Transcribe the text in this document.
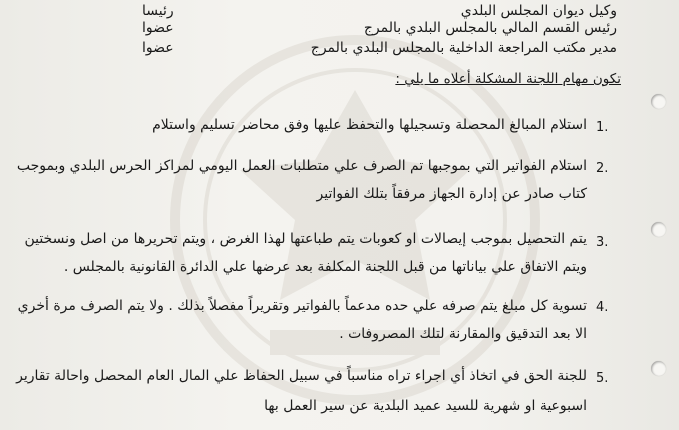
وكيل ديوان المجلس البلدي
رئيسا
رئيس القسم المالي بالمجلس البلدي بالمرج
عضوا
مدير مكتب المراجعة الداخلية بالمجلس البلدي بالمرج
عضوا
تكون مهام اللجنة المشكلة أعلاه ما يلي :
1.
استلام المبالغ المحصلة وتسجيلها والتحفظ عليها وفق محاضر تسليم واستلام
2.
استلام الفواتير التي بموجبها تم الصرف علي متطلبات العمل اليومي لمراكز الحرس البلدي وبموجب
كتاب صادر عن إدارة الجهاز مرفقاً بتلك الفواتير
3.
يتم التحصيل بموجب إيصالات او كعوبات يتم طباعتها لهذا الغرض ، ويتم تحريرها من اصل ونسختين
ويتم الاتفاق علي بياناتها من قبل اللجنة المكلفة بعد عرضها علي الدائرة القانونية بالمجلس .
4.
تسوية كل مبلغ يتم صرفه علي حده مدعماً بالفواتير وتقريراً مفصلاً بذلك . ولا يتم الصرف مرة أخري
الا بعد التدقيق والمقارنة لتلك المصروفات .
5.
للجنة الحق في اتخاذ أي اجراء تراه مناسباً في سبيل الحفاظ علي المال العام المحصل واحالة تقارير
اسبوعية او شهرية للسيد عميد البلدية عن سير العمل بها
